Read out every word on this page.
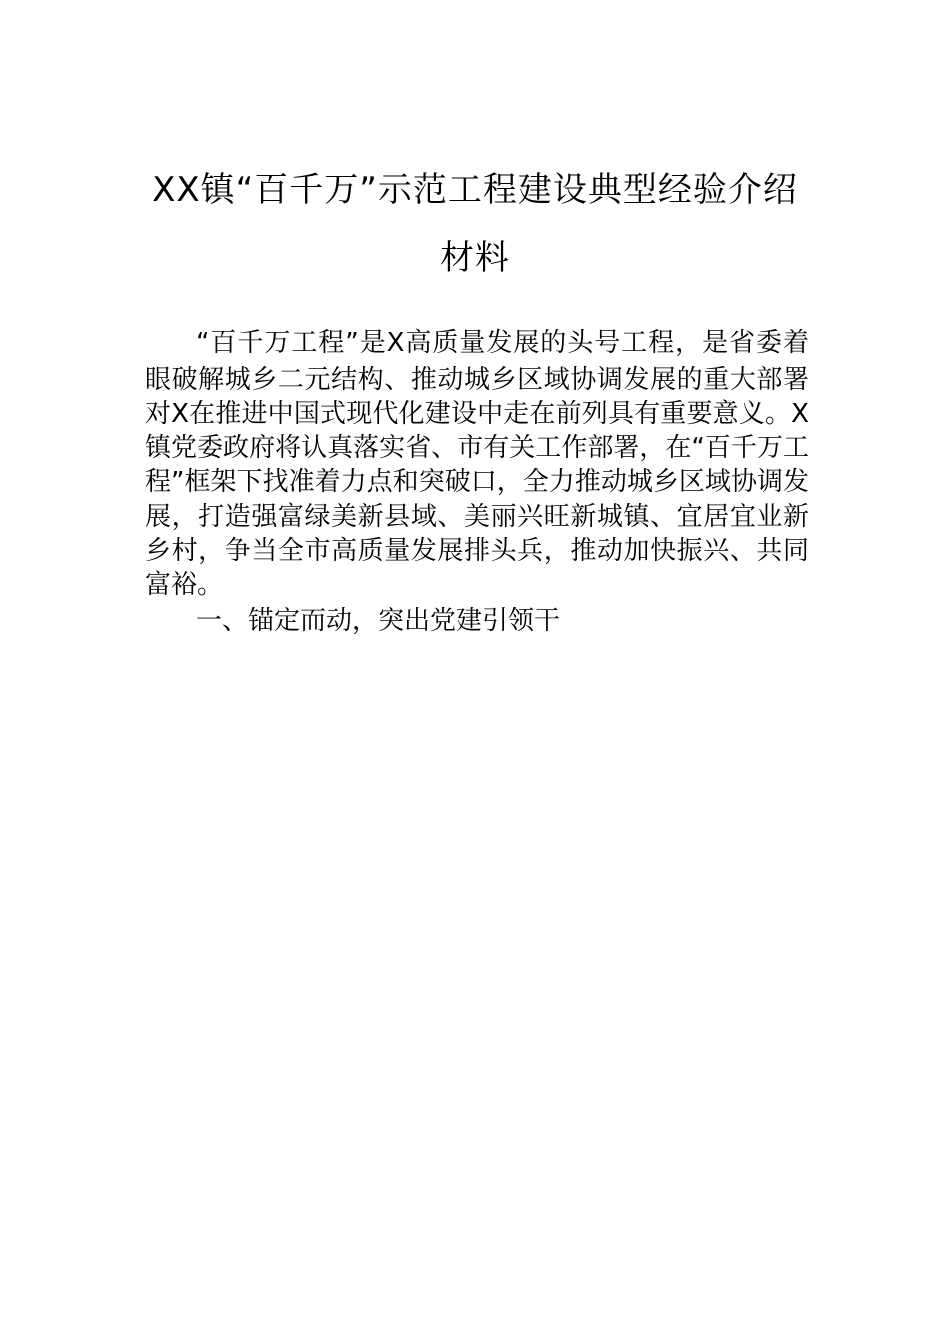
XX镇“百千万”示范工程建设典型经验介绍
材料
“百千万工程”是X高质量发展的头号工程，是省委着
眼破解城乡二元结构、推动城乡区域协调发展的重大部署
对X在推进中国式现代化建设中走在前列具有重要意义。X
镇党委政府将认真落实省、市有关工作部署，在“百千万工
程”框架下找准着力点和突破口，全力推动城乡区域协调发
展，打造强富绿美新县域、美丽兴旺新城镇、宜居宜业新
乡村，争当全市高质量发展排头兵，推动加快振兴、共同
富裕。
一、锚定而动，突出党建引领干
